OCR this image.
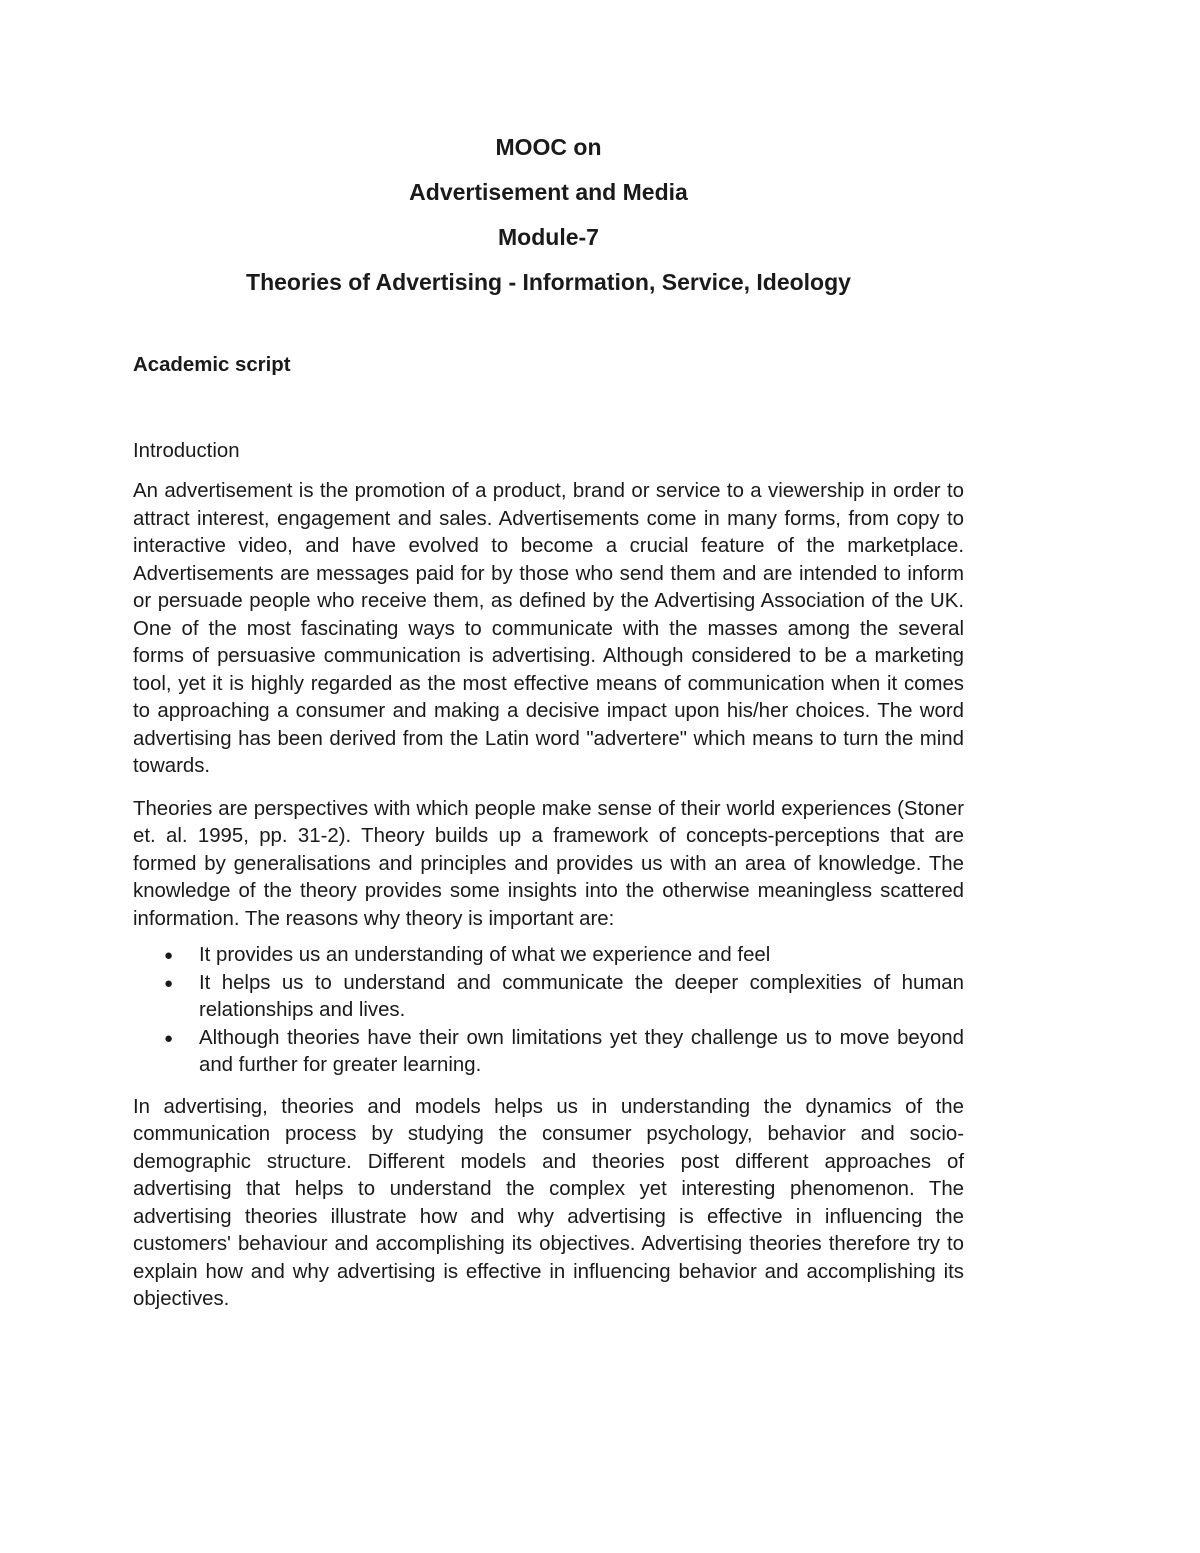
MOOC on
Advertisement and Media
Module-7
Theories of Advertising - Information, Service, Ideology
Academic script
Introduction

An advertisement is the promotion of a product, brand or service to a viewership in order to attract interest, engagement and sales. Advertisements come in many forms, from copy to interactive video, and have evolved to become a crucial feature of the marketplace. Advertisements are messages paid for by those who send them and are intended to inform or persuade people who receive them, as defined by the Advertising Association of the UK. One of the most fascinating ways to communicate with the masses among the several forms of persuasive communication is advertising. Although considered to be a marketing tool, yet it is highly regarded as the most effective means of communication when it comes to approaching a consumer and making a decisive impact upon his/her choices. The word advertising has been derived from the Latin word "advertere" which means to turn the mind towards.

Theories are perspectives with which people make sense of their world experiences (Stoner et. al. 1995, pp. 31-2). Theory builds up a framework of concepts-perceptions that are formed by generalisations and principles and provides us with an area of knowledge. The knowledge of the theory provides some insights into the otherwise meaningless scattered information. The reasons why theory is important are:

● It provides us an understanding of what we experience and feel
● It helps us to understand and communicate the deeper complexities of human relationships and lives.
● Although theories have their own limitations yet they challenge us to move beyond and further for greater learning.

In advertising, theories and models helps us in understanding the dynamics of the communication process by studying the consumer psychology, behavior and socio-demographic structure. Different models and theories post different approaches of advertising that helps to understand the complex yet interesting phenomenon. The advertising theories illustrate how and why advertising is effective in influencing the customers' behaviour and accomplishing its objectives. Advertising theories therefore try to explain how and why advertising is effective in influencing behavior and accomplishing its objectives.
